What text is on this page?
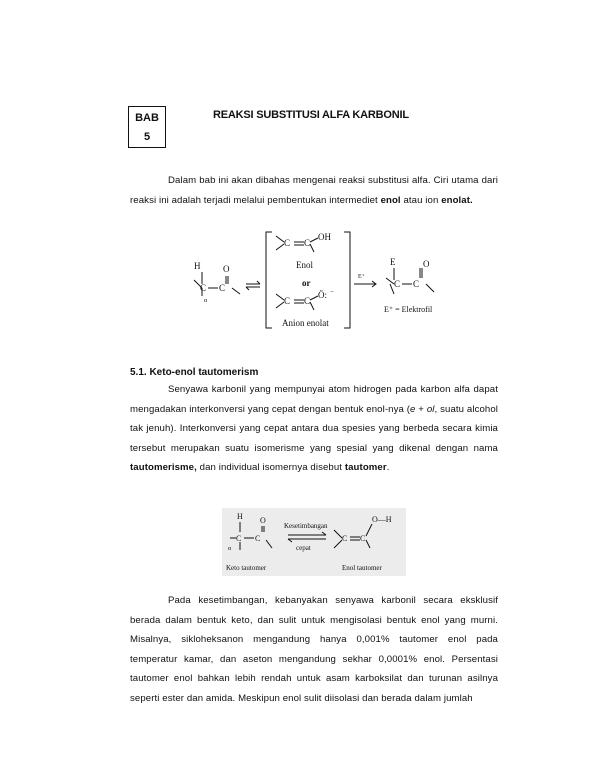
BAB
5
REAKSI SUBSTITUSI ALFA KARBONIL

Dalam bab ini akan dibahas mengenai reaksi substitusi alfa. Ciri utama dari reaksi ini adalah terjadi melalui pembentukan intermediet enol atau ion enolat.

H	O
C C
α
C C
OH
Enol
or
C C
Ö: −
Anion enolat
E⁺
E	O
C C
E⁺ = Elektrofil
5.1. Keto-enol tautomerism

Senyawa karbonil yang mempunyai atom hidrogen pada karbon alfa dapat mengadakan interkonversi yang cepat dengan bentuk enol-nya (e + ol, suatu alcohol tak jenuh). Interkonversi yang cepat antara dua spesies yang berbeda secara kimia tersebut merupakan suatu isomerisme yang spesial yang dikenal dengan nama tautomerisme, dan individual isomernya disebut tautomer.

H O
C C
α
Kesetimbangan
cepat
C C
O—H
Keto tautomer	Enol tautomer

Pada kesetimbangan, kebanyakan senyawa karbonil secara eksklusif berada dalam bentuk keto, dan sulit untuk mengisolasi bentuk enol yang murni. Misalnya, sikloheksanon mengandung hanya 0,001% tautomer enol pada temperatur kamar, dan aseton mengandung sekhar 0,0001% enol. Persentasi tautomer enol bahkan lebih rendah untuk asam karboksilat dan turunan asilnya seperti ester dan amida. Meskipun enol sulit diisolasi dan berada dalam jumlah
